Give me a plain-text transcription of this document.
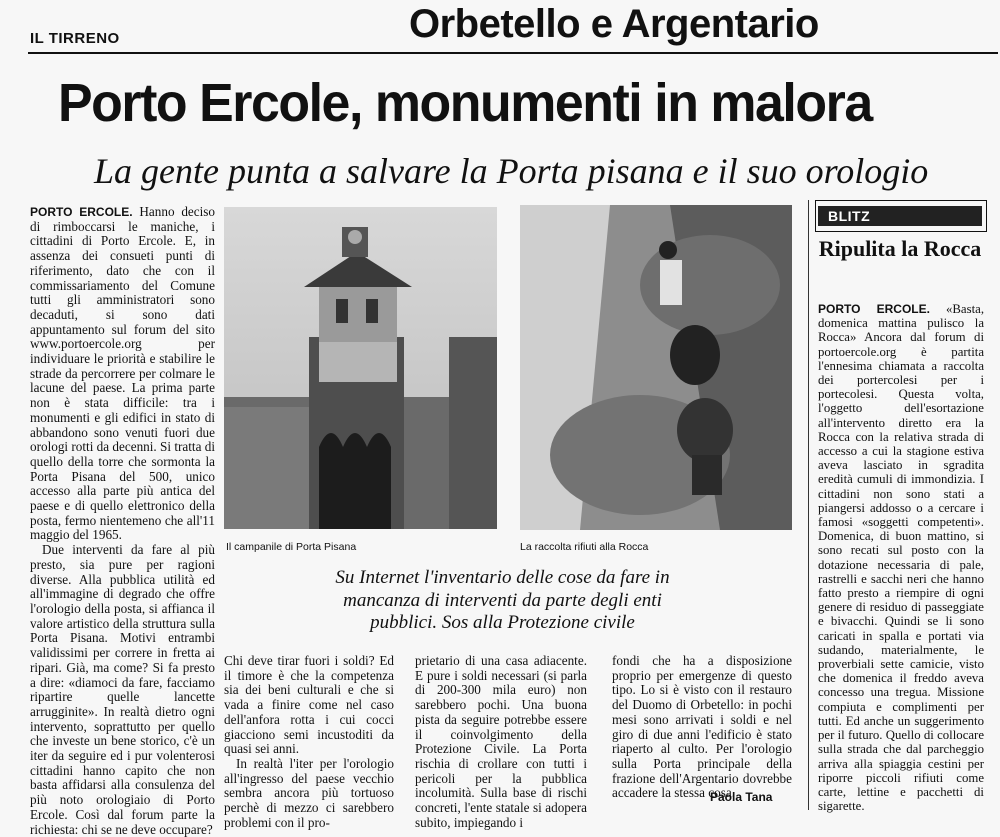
IL TIRRENO	Orbetello e Argentario
Porto Ercole, monumenti in malora
La gente punta a salvare la Porta pisana e il suo orologio

PORTO ERCOLE. Hanno deciso di rimboccarsi le maniche, i cittadini di Porto Ercole. E, in assenza dei consueti punti di riferimento, dato che con il commissariamento del Comune tutti gli amministratori sono decaduti, si sono dati appuntamento sul forum del sito www.portoercole.org per individuare le priorità e stabilire le strade da percorrere per colmare le lacune del paese. La prima parte non è stata difficile: tra i monumenti e gli edifici in stato di abbandono sono venuti fuori due orologi rotti da decenni. Si tratta di quello della torre che sormonta la Porta Pisana del 500, unico accesso alla parte più antica del paese e di quello elettronico della posta, fermo nientemeno che all'11 maggio del 1965.

Due interventi da fare al più presto, sia pure per ragioni diverse. Alla pubblica utilità ed all'immagine di degrado che offre l'orologio della posta, si affianca il valore artistico della struttura sulla Porta Pisana. Motivi entrambi validissimi per correre in fretta ai ripari. Già, ma come? Si fa presto a dire: «diamoci da fare, facciamo ripartire quelle lancette arrugginite». In realtà dietro ogni intervento, soprattutto per quello che investe un bene storico, c'è un iter da seguire ed i pur volenterosi cittadini hanno capito che non basta affidarsi alla consulenza del più noto orologiaio di Porto Ercole. Così dal forum parte la richiesta: chi se ne deve occupare?

Il campanile di Porta Pisana	La raccolta rifiuti alla Rocca
Su Internet l'inventario delle cose da fare in mancanza di interventi da parte degli enti pubblici. Sos alla Protezione civile

Chi deve tirar fuori i soldi? Ed il timore è che la competenza sia dei beni culturali e che si vada a finire come nel caso dell'anfora rotta i cui cocci giacciono semi incustoditi da quasi sei anni.

In realtà l'iter per l'orologio all'ingresso del paese vecchio sembra ancora più tortuoso perchè di mezzo ci sarebbero problemi con il pro-

prietario di una casa adiacente. E pure i soldi necessari (si parla di 200-300 mila euro) non sarebbero pochi. Una buona pista da seguire potrebbe essere il coinvolgimento della Protezione Civile. La Porta rischia di crollare con tutti i pericoli per la pubblica incolumità. Sulla base di rischi concreti, l'ente statale si adopera subito, impiegando i

fondi che ha a disposizione proprio per emergenze di questo tipo. Lo si è visto con il restauro del Duomo di Orbetello: in pochi mesi sono arrivati i soldi e nel giro di due anni l'edificio è stato riaperto al culto. Per l'orologio sulla Porta principale della frazione dell'Argentario dovrebbe accadere la stessa cosa.

Paola Tana
BLITZ
Ripulita la Rocca

PORTO ERCOLE. «Basta, domenica mattina pulisco la Rocca» Ancora dal forum di portoercole.org è partita l'ennesima chiamata a raccolta dei portercolesi per i portecolesi. Questa volta, l'oggetto dell'esortazione all'intervento diretto era la Rocca con la relativa strada di accesso a cui la stagione estiva aveva lasciato in sgradita eredità cumuli di immondizia. I cittadini non sono stati a piangersi addosso o a cercare i famosi «soggetti competenti». Domenica, di buon mattino, si sono recati sul posto con la dotazione necessaria di pale, rastrelli e sacchi neri che hanno fatto presto a riempire di ogni genere di residuo di passeggiate e bivacchi. Quindi se li sono caricati in spalla e portati via sudando, materialmente, le proverbiali sette camicie, visto che domenica il freddo aveva concesso una tregua. Missione compiuta e complimenti per tutti. Ed anche un suggerimento per il futuro. Quello di collocare sulla strada che dal parcheggio arriva alla spiaggia cestini per riporre piccoli rifiuti come carte, lettine e pacchetti di sigarette.
